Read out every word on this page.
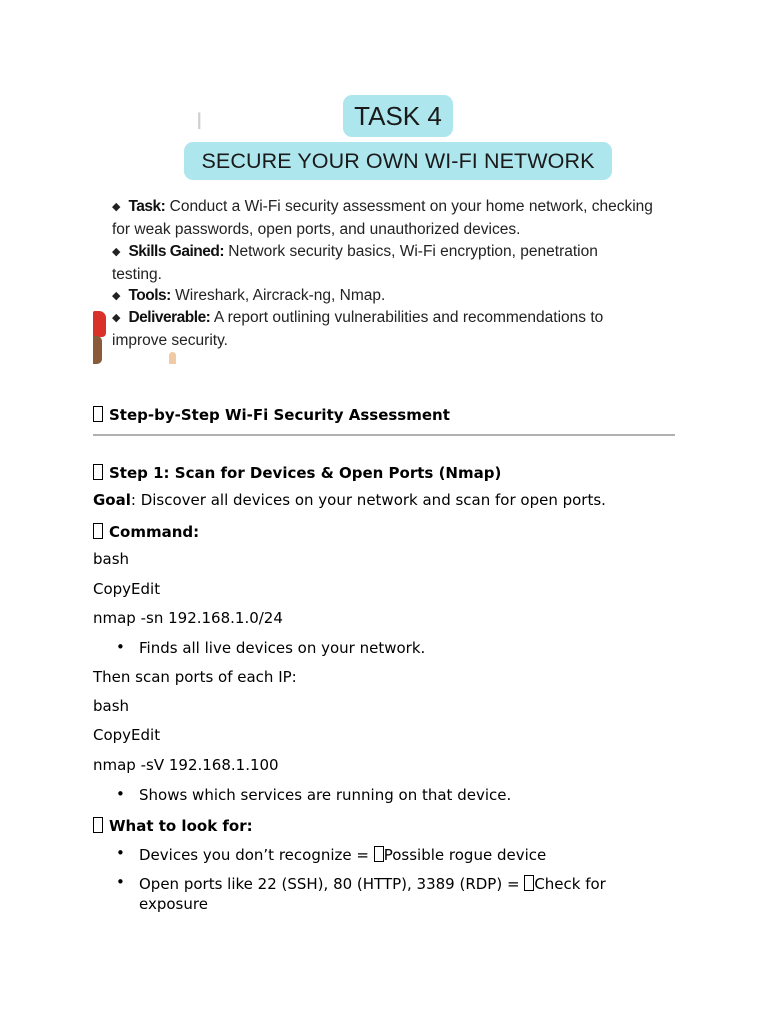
I	TASK 4
SECURE YOUR OWN WI-FI NETWORK
◆ Task: Conduct a Wi-Fi security assessment on your home network, checking
for weak passwords, open ports, and unauthorized devices.
◆ Skills Gained: Network security basics, Wi-Fi encryption, penetration
testing.
◆ Tools: Wireshark, Aircrack-ng, Nmap.
◆ Deliverable: A report outlining vulnerabilities and recommendations to
improve security.
Step-by-Step Wi-Fi Security Assessment
Step 1: Scan for Devices & Open Ports (Nmap)
Goal: Discover all devices on your network and scan for open ports.
Command:
bash
CopyEdit
nmap -sn 192.168.1.0/24
• Finds all live devices on your network.
Then scan ports of each IP:
bash
CopyEdit
nmap -sV 192.168.1.100
• Shows which services are running on that device.
What to look for:
• Devices you don’t recognize = Possible rogue device
• Open ports like 22 (SSH), 80 (HTTP), 3389 (RDP) = Check for exposure
